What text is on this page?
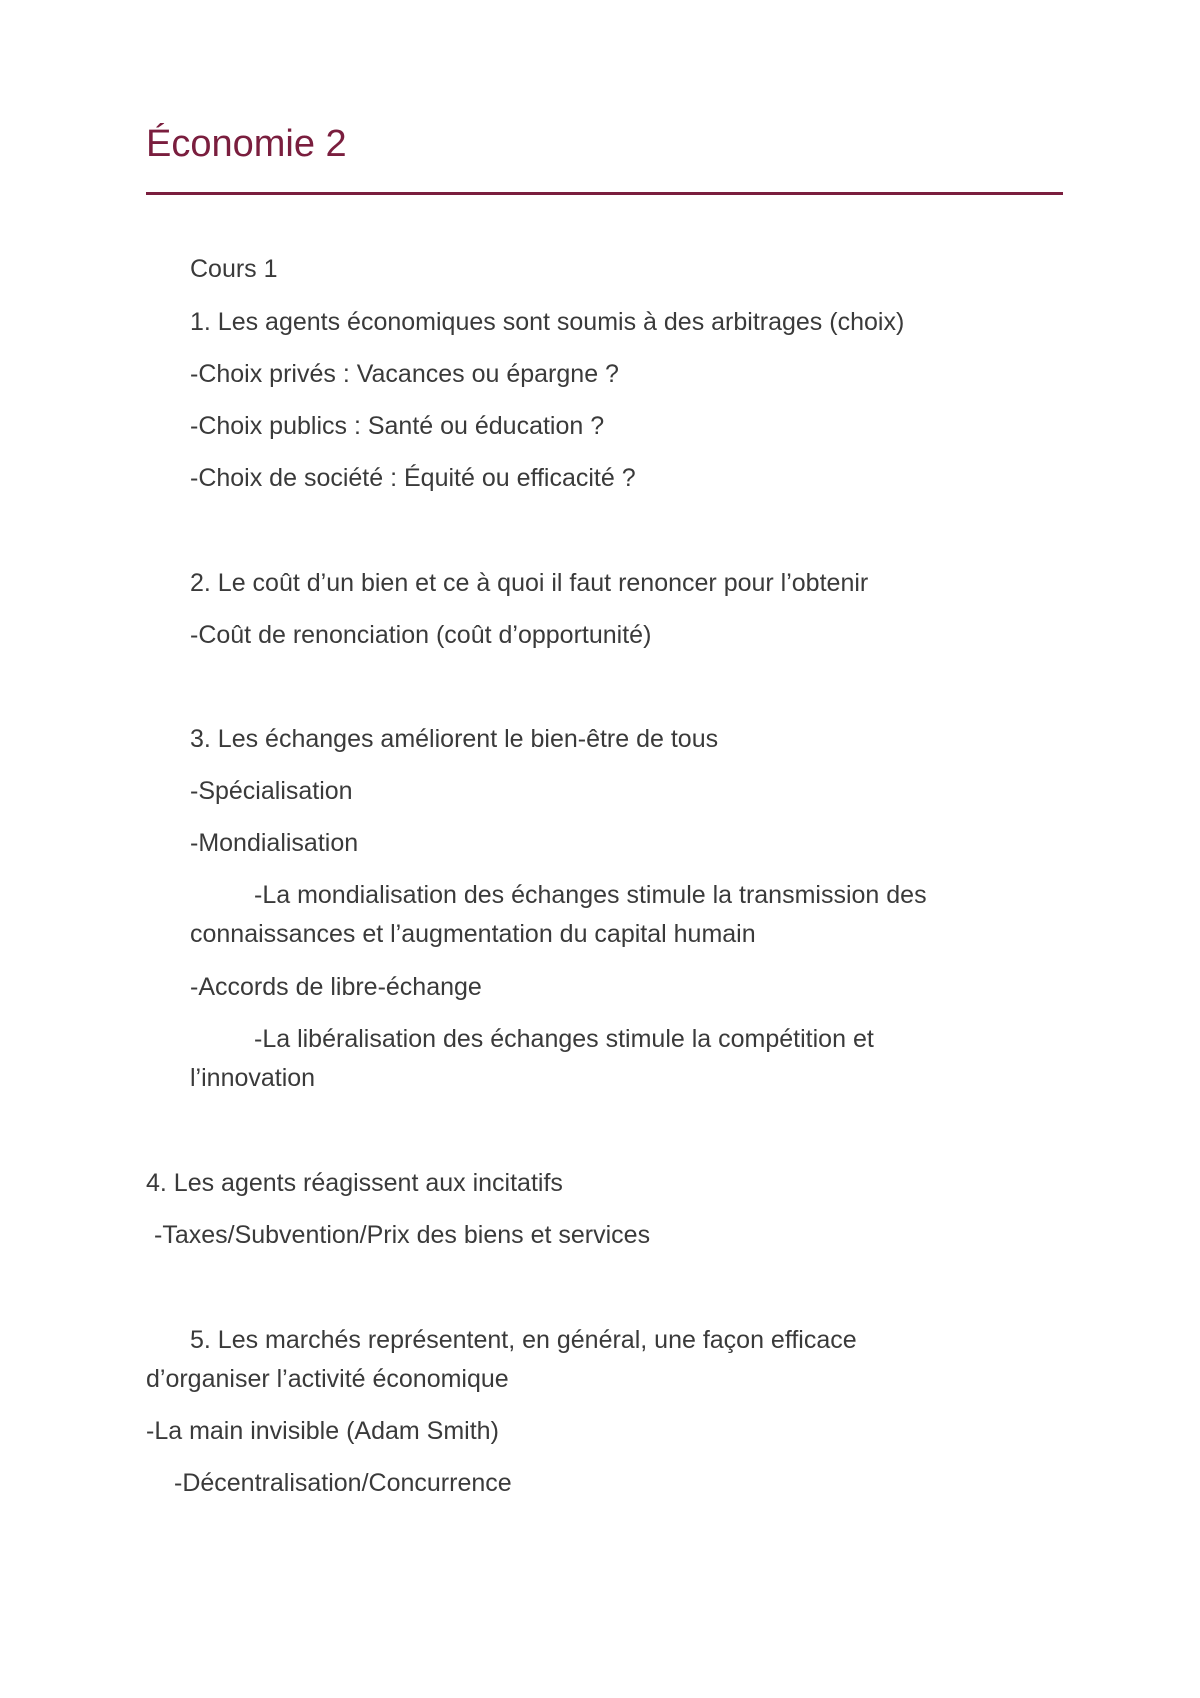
Économie 2
Cours 1
1. Les agents économiques sont soumis à des arbitrages (choix)
-Choix privés : Vacances ou épargne ?
-Choix publics : Santé ou éducation ?
-Choix de société : Équité ou efficacité ?
2. Le coût d’un bien et ce à quoi il faut renoncer pour l’obtenir
-Coût de renonciation (coût d’opportunité)
3. Les échanges améliorent le bien-être de tous
-Spécialisation
-Mondialisation
-La mondialisation des échanges stimule la transmission des
connaissances et l’augmentation du capital humain
-Accords de libre-échange
-La libéralisation des échanges stimule la compétition et
l’innovation
4. Les agents réagissent aux incitatifs
-Taxes/Subvention/Prix des biens et services
5. Les marchés représentent, en général, une façon efficace
d’organiser l’activité économique
-La main invisible (Adam Smith)
-Décentralisation/Concurrence
